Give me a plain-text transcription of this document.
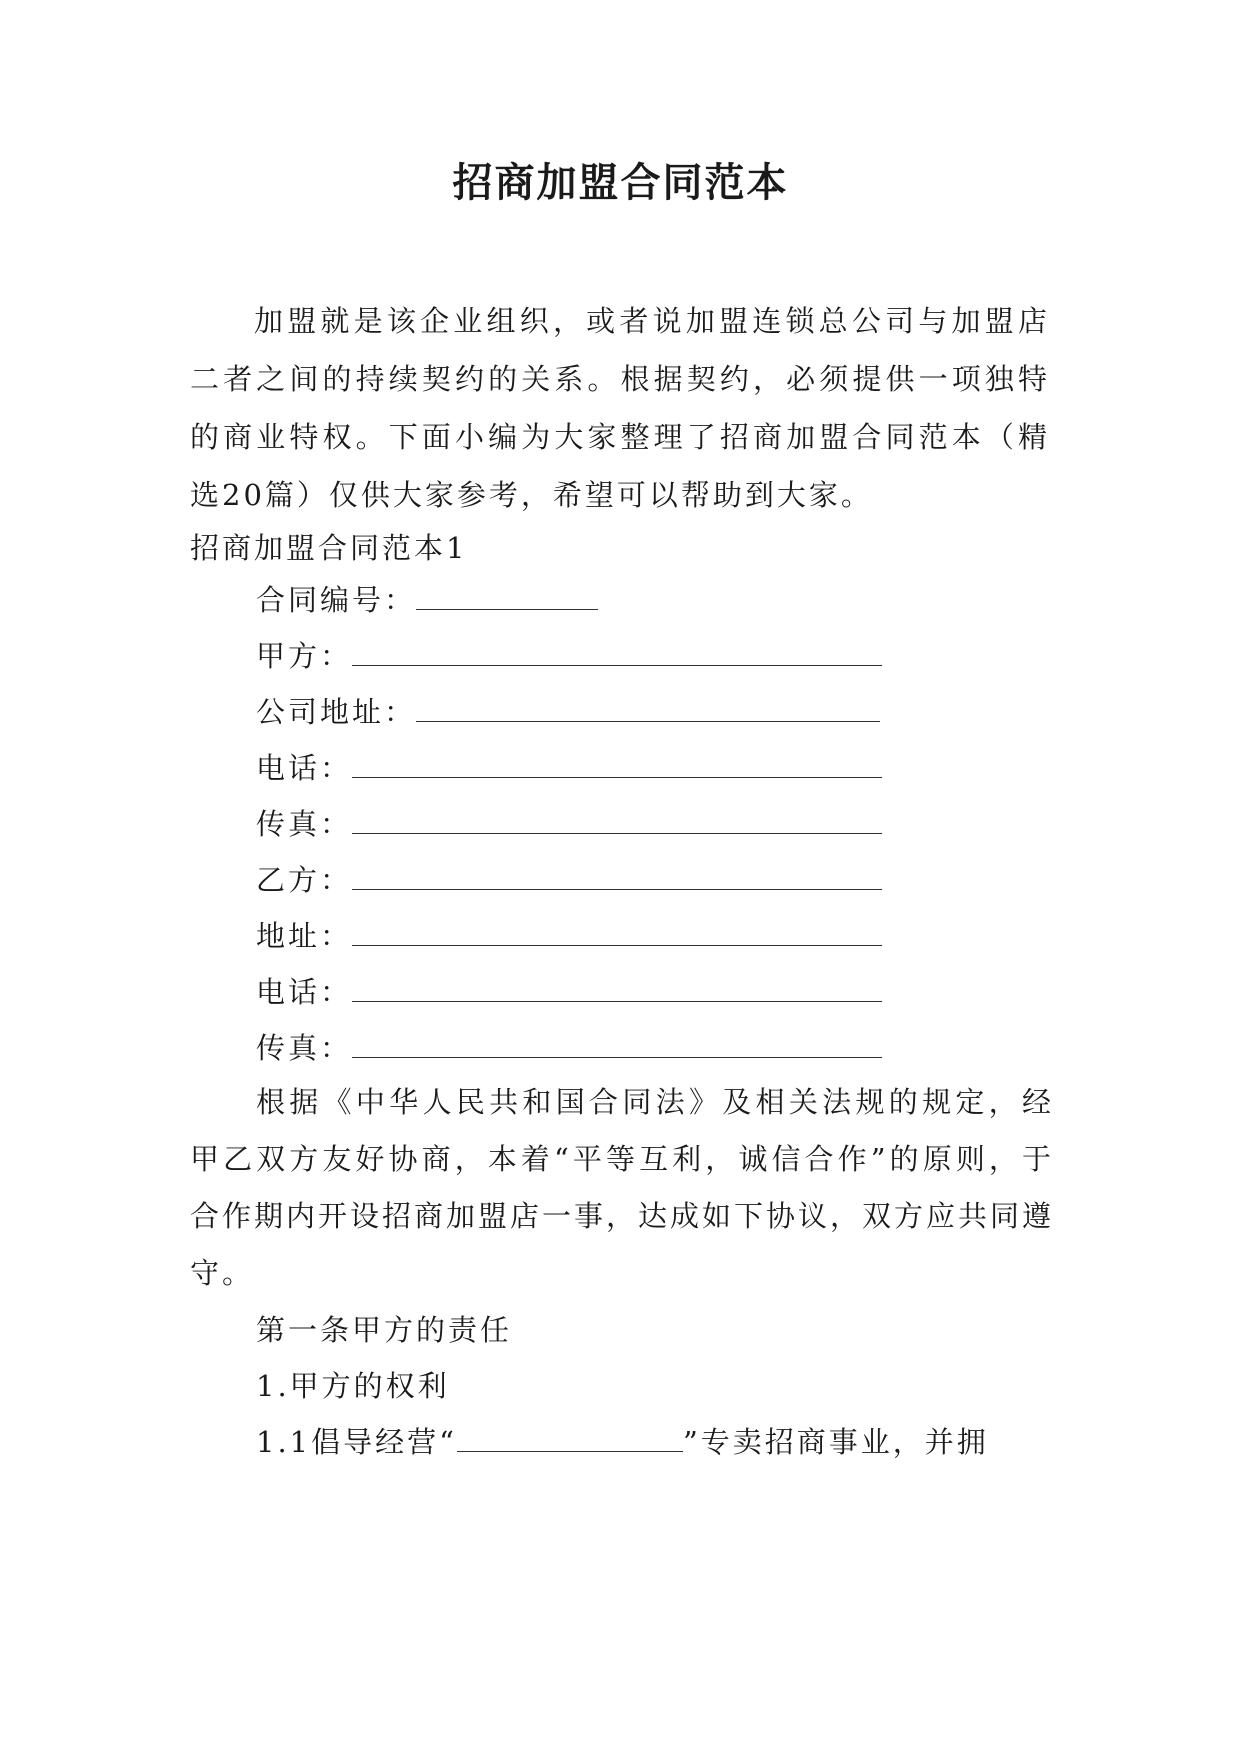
招商加盟合同范本
加盟就是该企业组织，或者说加盟连锁总公司与加盟店二者之间的持续契约的关系。根据契约，必须提供一项独特的商业特权。下面小编为大家整理了招商加盟合同范本（精选20篇）仅供大家参考，希望可以帮助到大家。
招商加盟合同范本1
合同编号：
甲方：
公司地址：
电话：
传真：
乙方：
地址：
电话：
传真：
根据《中华人民共和国合同法》及相关法规的规定，经甲乙双方友好协商，本着“平等互利，诚信合作”的原则，于合作期内开设招商加盟店一事，达成如下协议，双方应共同遵守。
第一条甲方的责任
1.甲方的权利
1.1倡导经营“	”专卖招商事业，并拥
